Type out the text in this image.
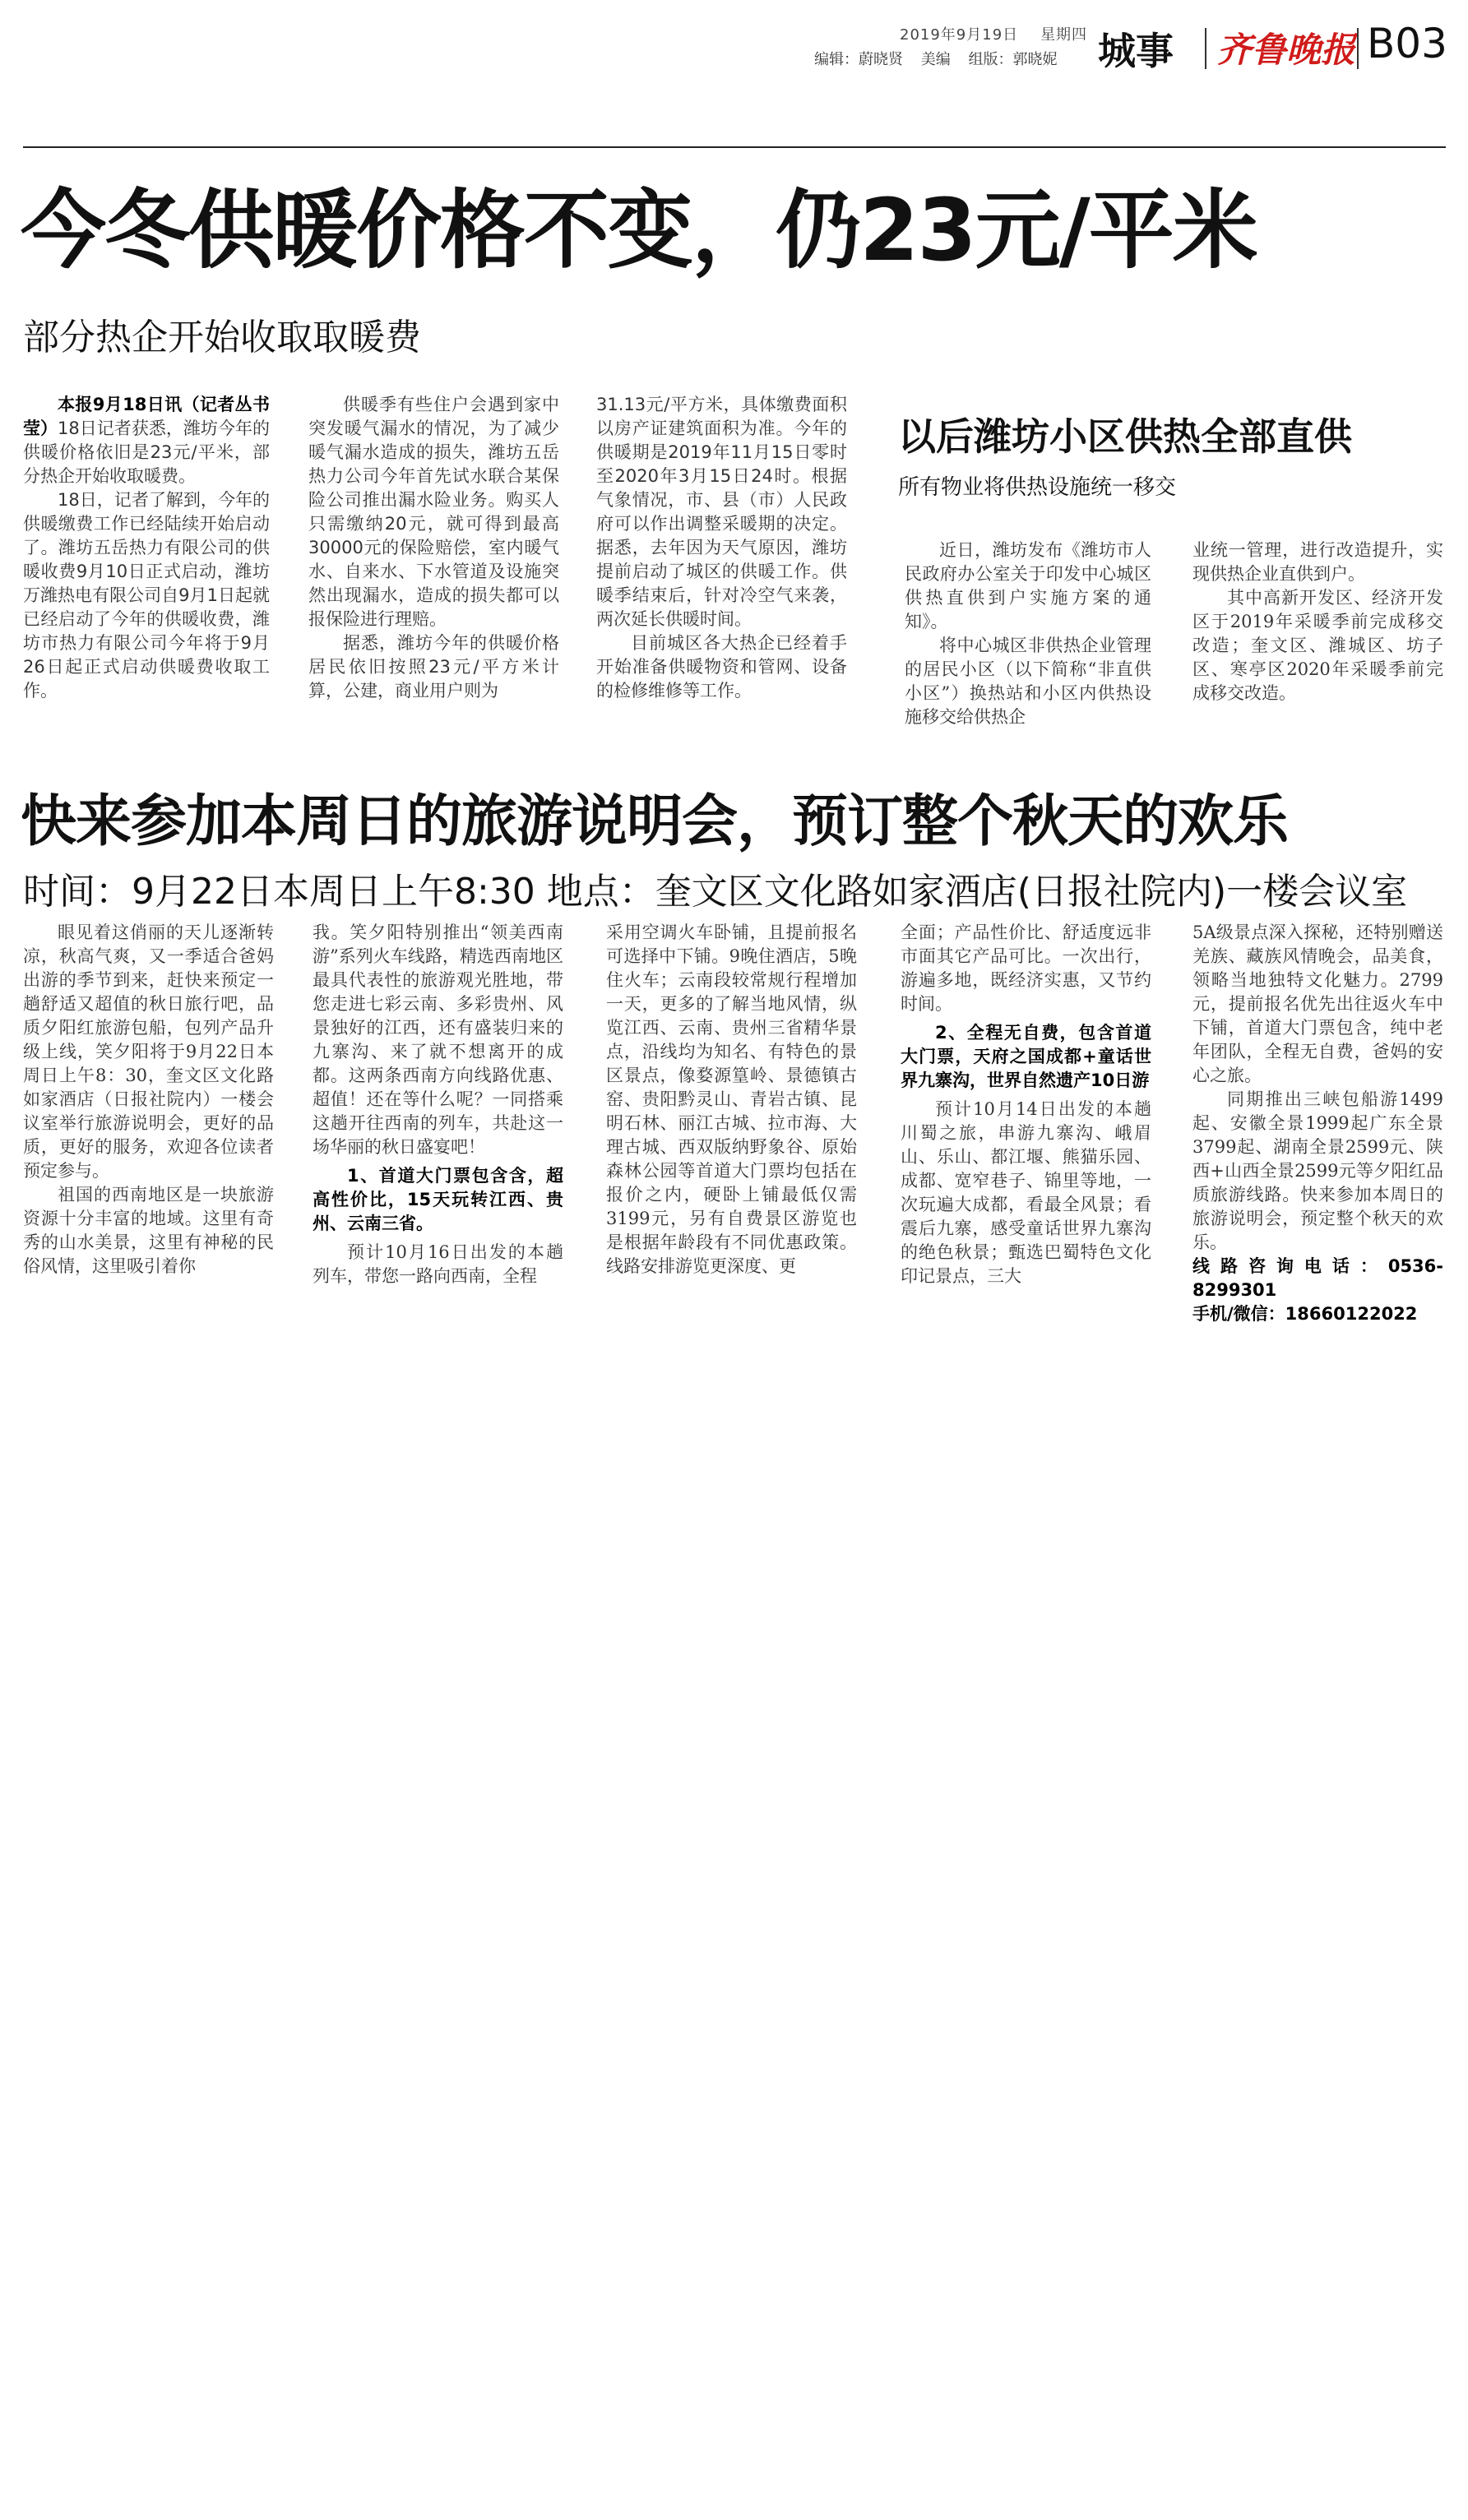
2019年9月19日 星期四
编辑：蔚晓贤 美编 组版：郭晓妮	城事 齐鲁晚报 B03
今冬供暖价格不变，仍23元/平米
部分热企开始收取取暖费

本报9月18日讯（记者丛书莹）18日记者获悉，潍坊今年的供暖价格依旧是23元/平米，部分热企开始收取暖费。

18日，记者了解到，今年的供暖缴费工作已经陆续开始启动了。潍坊五岳热力有限公司的供暖收费9月10日正式启动，潍坊万潍热电有限公司自9月1日起就已经启动了今年的供暖收费，潍坊市热力有限公司今年将于9月26日起正式启动供暖费收取工作。

供暖季有些住户会遇到家中突发暖气漏水的情况，为了减少暖气漏水造成的损失，潍坊五岳热力公司今年首先试水联合某保险公司推出漏水险业务。购买人只需缴纳20元，就可得到最高30000元的保险赔偿，室内暖气水、自来水、下水管道及设施突然出现漏水，造成的损失都可以报保险进行理赔。

据悉，潍坊今年的供暖价格居民依旧按照23元/平方米计算，公建，商业用户则为

31.13元/平方米，具体缴费面积以房产证建筑面积为准。今年的供暖期是2019年11月15日零时至2020年3月15日24时。根据气象情况，市、县（市）人民政府可以作出调整采暖期的决定。据悉，去年因为天气原因，潍坊提前启动了城区的供暖工作。供暖季结束后，针对冷空气来袭，两次延长供暖时间。

目前城区各大热企已经着手开始准备供暖物资和管网、设备的检修维修等工作。

以后潍坊小区供热全部直供
所有物业将供热设施统一移交

近日，潍坊发布《潍坊市人民政府办公室关于印发中心城区供热直供到户实施方案的通知》。

将中心城区非供热企业管理的居民小区（以下简称“非直供小区”）换热站和小区内供热设施移交给供热企

业统一管理，进行改造提升，实现供热企业直供到户。

其中高新开发区、经济开发区于2019年采暖季前完成移交改造；奎文区、潍城区、坊子区、寒亭区2020年采暖季前完成移交改造。

快来参加本周日的旅游说明会，预订整个秋天的欢乐
时间：9月22日本周日上午8:30 地点：奎文区文化路如家酒店(日报社院内)一楼会议室

眼见着这俏丽的天儿逐渐转凉，秋高气爽，又一季适合爸妈出游的季节到来，赶快来预定一趟舒适又超值的秋日旅行吧，品质夕阳红旅游包船，包列产品升级上线，笑夕阳将于9月22日本周日上午8：30，奎文区文化路如家酒店（日报社院内）一楼会议室举行旅游说明会，更好的品质，更好的服务，欢迎各位读者预定参与。

祖国的西南地区是一块旅游资源十分丰富的地域。这里有奇秀的山水美景，这里有神秘的民俗风情，这里吸引着你

我。笑夕阳特别推出“领美西南游”系列火车线路，精选西南地区最具代表性的旅游观光胜地，带您走进七彩云南、多彩贵州、风景独好的江西，还有盛装归来的九寨沟、来了就不想离开的成都。这两条西南方向线路优惠、超值！还在等什么呢？一同搭乘这趟开往西南的列车，共赴这一场华丽的秋日盛宴吧！

1、首道大门票包含含，超高性价比，15天玩转江西、贵州、云南三省。

预计10月16日出发的本趟列车，带您一路向西南，全程

采用空调火车卧铺，且提前报名可选择中下铺。9晚住酒店，5晚住火车；云南段较常规行程增加一天，更多的了解当地风情，纵览江西、云南、贵州三省精华景点，沿线均为知名、有特色的景区景点，像婺源篁岭、景德镇古窑、贵阳黔灵山、青岩古镇、昆明石林、丽江古城、拉市海、大理古城、西双版纳野象谷、原始森林公园等首道大门票均包括在报价之内，硬卧上铺最低仅需3199元，另有自费景区游览也是根据年龄段有不同优惠政策。线路安排游览更深度、更

全面；产品性价比、舒适度远非市面其它产品可比。一次出行，游遍多地，既经济实惠，又节约时间。

2、全程无自费，包含首道大门票，天府之国成都+童话世界九寨沟，世界自然遗产10日游

预计10月14日出发的本趟川蜀之旅，串游九寨沟、峨眉山、乐山、都江堰、熊猫乐园、成都、宽窄巷子、锦里等地，一次玩遍大成都，看最全风景；看震后九寨，感受童话世界九寨沟的绝色秋景；甄选巴蜀特色文化印记景点，三大

5A级景点深入探秘，还特别赠送羌族、藏族风情晚会，品美食，领略当地独特文化魅力。2799元，提前报名优先出往返火车中下铺，首道大门票包含，纯中老年团队，全程无自费，爸妈的安心之旅。

同期推出三峡包船游1499起、安徽全景1999起广东全景3799起、湖南全景2599元、陕西+山西全景2599元等夕阳红品质旅游线路。快来参加本周日的旅游说明会，预定整个秋天的欢乐。

线路咨询电话：0536-8299301

手机/微信：18660122022
